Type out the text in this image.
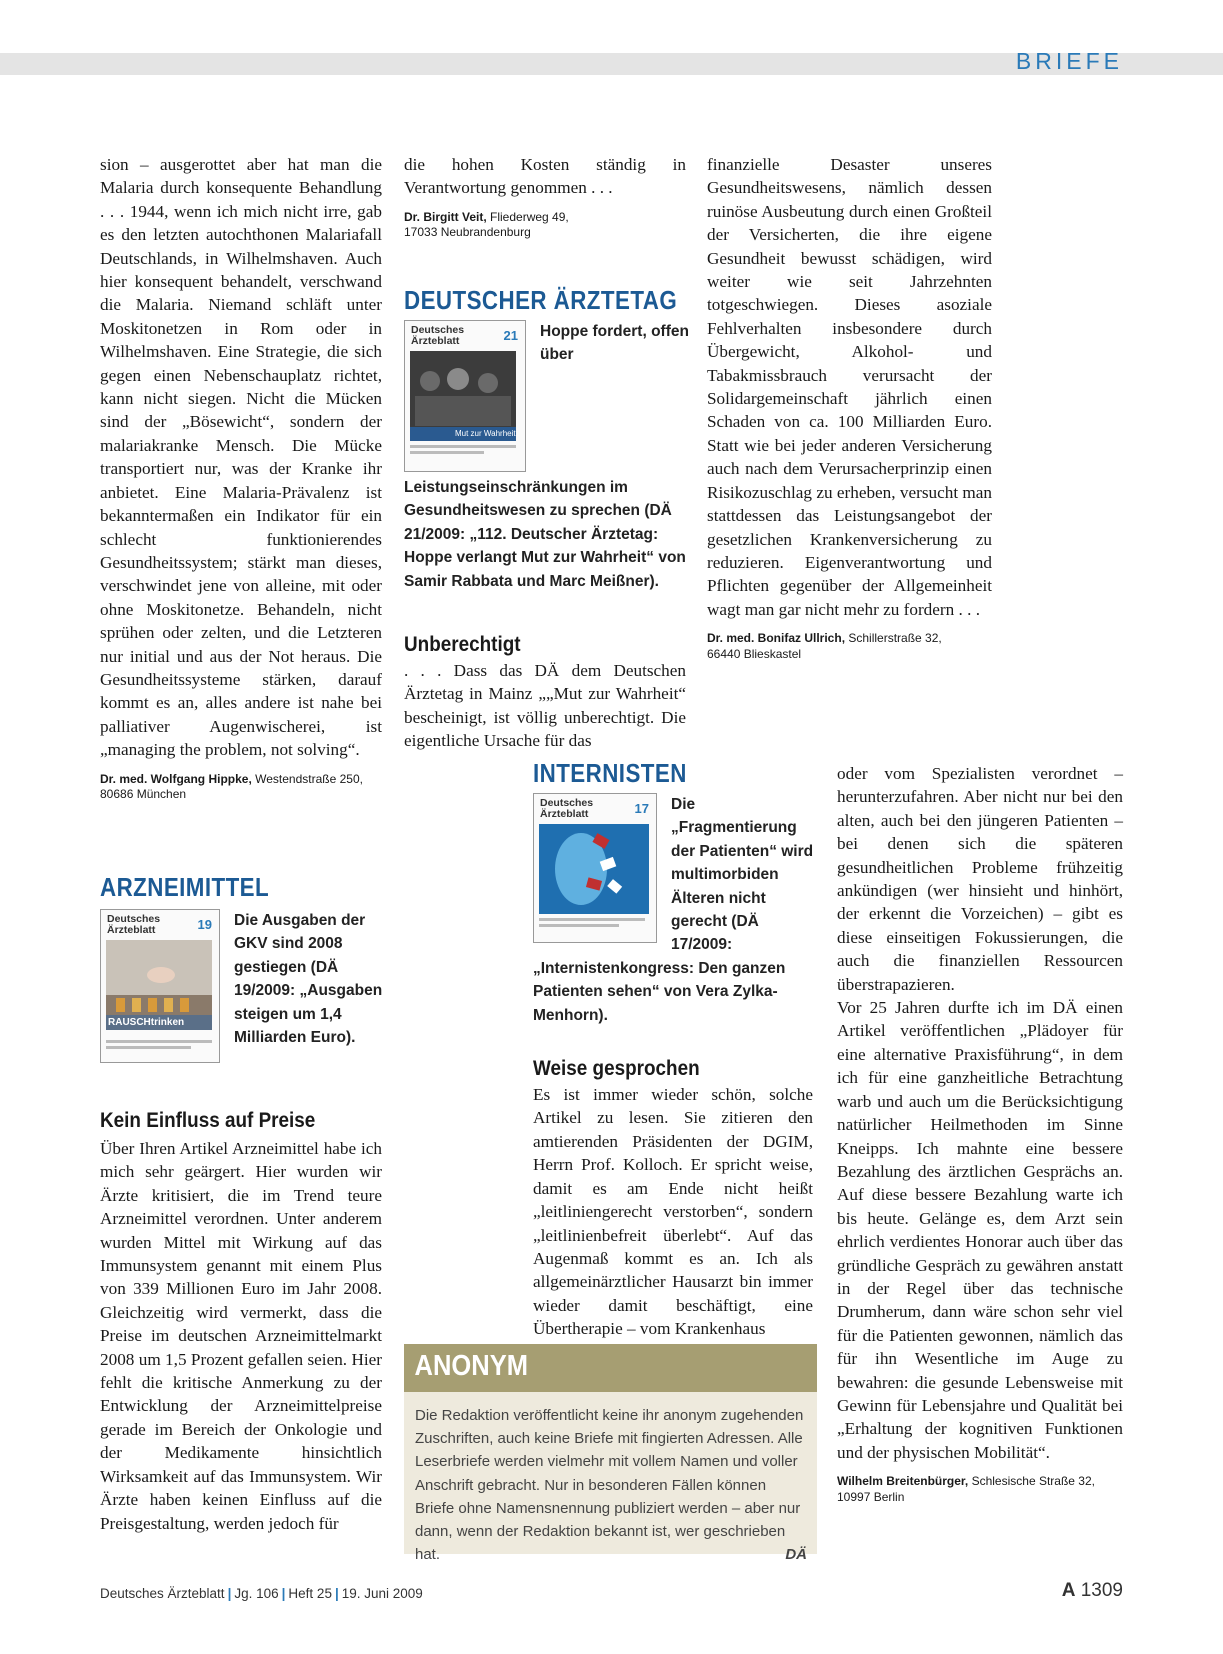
BRIEFE

sion – ausgerottet aber hat man die Malaria durch konsequente Behandlung . . . 1944, wenn ich mich nicht irre, gab es den letzten autochthonen Malariafall Deutschlands, in Wilhelmshaven. Auch hier konsequent behandelt, verschwand die Malaria. Niemand schläft unter Moskitonetzen in Rom oder in Wilhelmshaven. Eine Strategie, die sich gegen einen Nebenschauplatz richtet, kann nicht siegen. Nicht die Mücken sind der „Bösewicht“, sondern der malariakranke Mensch. Die Mücke transportiert nur, was der Kranke ihr anbietet. Eine Malaria-Prävalenz ist bekanntermaßen ein Indikator für ein schlecht funktionierendes Gesundheitssystem; stärkt man dieses, verschwindet jene von alleine, mit oder ohne Moskitonetze. Behandeln, nicht sprühen oder zelten, und die Letzteren nur initial und aus der Not heraus. Die Gesundheitssysteme stärken, darauf kommt es an, alles andere ist nahe bei palliativer Augenwischerei, ist „managing the problem, not solving“.

Dr. med. Wolfgang Hippke, Westendstraße 250,
80686 München

ARZNEIMITTEL

Deutsches Ärzteblatt	19
RAUSCHtrinken

Die Ausgaben der GKV sind 2008 gestiegen (DÄ 19/2009: „Ausgaben steigen um 1,4 Milliarden Euro).

Kein Einfluss auf Preise

Über Ihren Artikel Arzneimittel habe ich mich sehr geärgert. Hier wurden wir Ärzte kritisiert, die im Trend teure Arzneimittel verordnen. Unter anderem wurden Mittel mit Wirkung auf das Immunsystem genannt mit einem Plus von 339 Millionen Euro im Jahr 2008. Gleichzeitig wird vermerkt, dass die Preise im deutschen Arzneimittelmarkt 2008 um 1,5 Prozent gefallen seien. Hier fehlt die kritische Anmerkung zu der Entwicklung der Arzneimittelpreise gerade im Bereich der Onkologie und der Medikamente hinsichtlich Wirksamkeit auf das Immunsystem. Wir Ärzte haben keinen Einfluss auf die Preisgestaltung, werden jedoch für

die hohen Kosten ständig in Verantwortung genommen . . .

Dr. Birgitt Veit, Fliederweg 49,
17033 Neubrandenburg

DEUTSCHER ÄRZTETAG

Deutsches Ärzteblatt	21
Mut zur Wahrheit

Hoppe fordert, offen über Leistungseinschränkungen im Gesundheitswesen zu sprechen (DÄ 21/2009: „112. Deutscher Ärztetag: Hoppe verlangt Mut zur Wahrheit“ von Samir Rabbata und Marc Meißner).

Unberechtigt

. . . Dass das DÄ dem Deutschen Ärztetag in Mainz „„Mut zur Wahrheit“ bescheinigt, ist völlig unberechtigt. Die eigentliche Ursache für das

finanzielle Desaster unseres Gesundheitswesens, nämlich dessen ruinöse Ausbeutung durch einen Großteil der Versicherten, die ihre eigene Gesundheit bewusst schädigen, wird weiter wie seit Jahrzehnten totgeschwiegen. Dieses asoziale Fehlverhalten insbesondere durch Übergewicht, Alkohol- und Tabakmissbrauch verursacht der Solidargemeinschaft jährlich einen Schaden von ca. 100 Milliarden Euro. Statt wie bei jeder anderen Versicherung auch nach dem Verursacherprinzip einen Risikozuschlag zu erheben, versucht man stattdessen das Leistungsangebot der gesetzlichen Krankenversicherung zu reduzieren. Eigenverantwortung und Pflichten gegenüber der Allgemeinheit wagt man gar nicht mehr zu fordern . . .

Dr. med. Bonifaz Ullrich, Schillerstraße 32,
66440 Blieskastel

INTERNISTEN

Deutsches Ärzteblatt	17	Die „Fragmentierung der Patienten“ wird multimorbiden Älteren nicht gerecht (DÄ 17/2009: „Internistenkongress: Den ganzen Patienten sehen“ von Vera Zylka-Menhorn).

Weise gesprochen

Es ist immer wieder schön, solche Artikel zu lesen. Sie zitieren den amtierenden Präsidenten der DGIM, Herrn Prof. Kolloch. Er spricht weise, damit es am Ende nicht heißt „leitliniengerecht verstorben“, sondern „leitlinienbefreit überlebt“. Auf das Augenmaß kommt es an. Ich als allgemeinärztlicher Hausarzt bin immer wieder damit beschäftigt, eine Übertherapie – vom Krankenhaus

oder vom Spezialisten verordnet – herunterzufahren. Aber nicht nur bei den alten, auch bei den jüngeren Patienten – bei denen sich die späteren gesundheitlichen Probleme frühzeitig ankündigen (wer hinsieht und hinhört, der erkennt die Vorzeichen) – gibt es diese einseitigen Fokussierungen, die auch die finanziellen Ressourcen überstrapazieren.

Vor 25 Jahren durfte ich im DÄ einen Artikel veröffentlichen „Plädoyer für eine alternative Praxisführung“, in dem ich für eine ganzheitliche Betrachtung warb und auch um die Berücksichtigung natürlicher Heilmethoden im Sinne Kneipps. Ich mahnte eine bessere Bezahlung des ärztlichen Gesprächs an. Auf diese bessere Bezahlung warte ich bis heute. Gelänge es, dem Arzt sein ehrlich verdientes Honorar auch über das gründliche Gespräch zu gewähren anstatt in der Regel über das technische Drumherum, dann wäre schon sehr viel für die Patienten gewonnen, nämlich das für ihn Wesentliche im Auge zu bewahren: die gesunde Lebensweise mit Gewinn für Lebensjahre und Qualität bei „Erhaltung der kognitiven Funktionen und der physischen Mobilität“.

Wilhelm Breitenbürger, Schlesische Straße 32,
10997 Berlin

ANONYM

Die Redaktion veröffentlicht keine ihr anonym zugehenden Zuschriften, auch keine Briefe mit fingierten Adressen. Alle Leserbriefe werden vielmehr mit vollem Namen und voller Anschrift gebracht. Nur in besonderen Fällen können Briefe ohne Namensnennung publiziert werden – aber nur dann, wenn der Redaktion bekannt ist, wer geschrieben hat.	DÄ

Deutsches Ärzteblatt | Jg. 106 | Heft 25 | 19. Juni 2009	A 1309
